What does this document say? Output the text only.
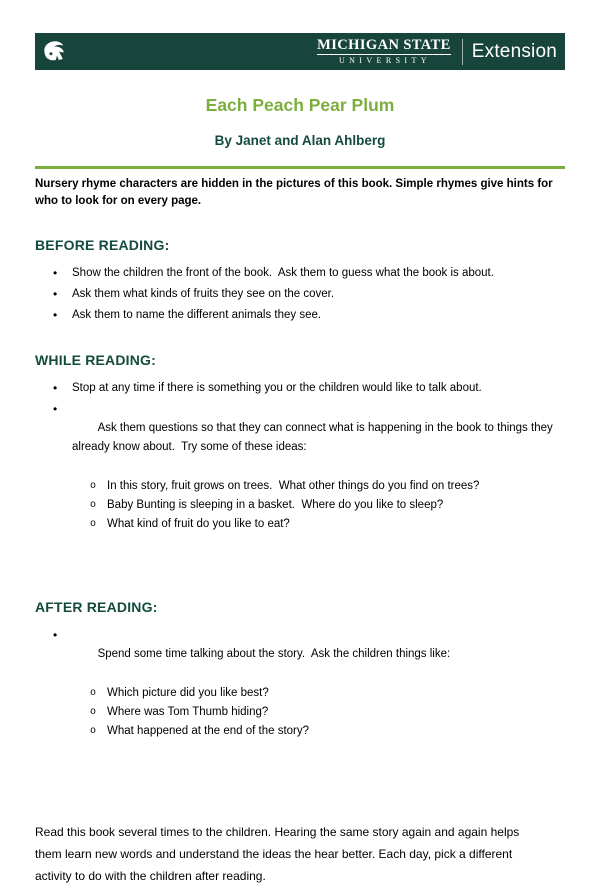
MICHIGAN STATE
UNIVERSITY	Extension
Each Peach Pear Plum
By Janet and Alan Ahlberg

Nursery rhyme characters are hidden in the pictures of this book. Simple rhymes give hints for who to look for on every page.

BEFORE READING:
• Show the children the front of the book.  Ask them to guess what the book is about.
• Ask them what kinds of fruits they see on the cover.
• Ask them to name the different animals they see.
WHILE READING:
• Stop at any time if there is something you or the children would like to talk about.

• Ask them questions so that they can connect what is happening in the book to things they already know about.  Try some of these ideas:

o In this story, fruit grows on trees.  What other things do you find on trees?
o Baby Bunting is sleeping in a basket.  Where do you like to sleep?
o What kind of fruit do you like to eat?

AFTER READING:

• Spend some time talking about the story.  Ask the children things like:

o Which picture did you like best?
o Where was Tom Thumb hiding?
o What happened at the end of the story?

Read this book several times to the children. Hearing the same story again and again helps them learn new words and understand the ideas the hear better. Each day, pick a different activity to do with the children after reading.
